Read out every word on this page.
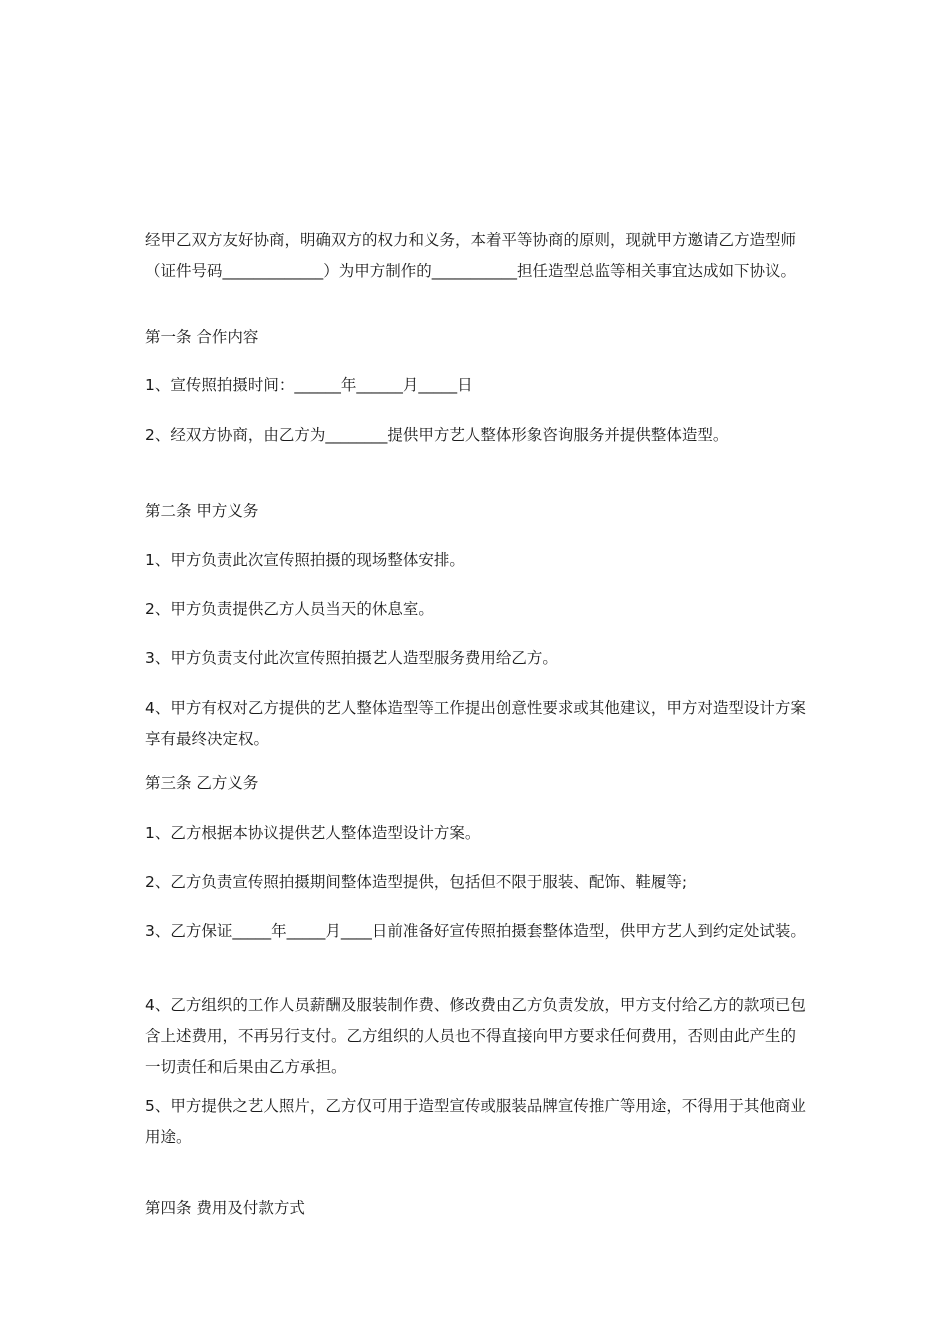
经甲乙双方友好协商，明确双方的权力和义务，本着平等协商的原则，现就甲方邀请乙方造型师（证件号码_____________）为甲方制作的___________担任造型总监等相关事宜达成如下协议。

第一条 合作内容

1、宣传照拍摄时间：______年______月_____日

2、经双方协商，由乙方为________提供甲方艺人整体形象咨询服务并提供整体造型。

第二条 甲方义务

1、甲方负责此次宣传照拍摄的现场整体安排。

2、甲方负责提供乙方人员当天的休息室。

3、甲方负责支付此次宣传照拍摄艺人造型服务费用给乙方。

4、甲方有权对乙方提供的艺人整体造型等工作提出创意性要求或其他建议，甲方对造型设计方案享有最终决定权。

第三条 乙方义务

1、乙方根据本协议提供艺人整体造型设计方案。

2、乙方负责宣传照拍摄期间整体造型提供，包括但不限于服装、配饰、鞋履等;

3、乙方保证_____年_____月____日前准备好宣传照拍摄套整体造型，供甲方艺人到约定处试装。

4、乙方组织的工作人员薪酬及服装制作费、修改费由乙方负责发放，甲方支付给乙方的款项已包含上述费用，不再另行支付。乙方组织的人员也不得直接向甲方要求任何费用，否则由此产生的一切责任和后果由乙方承担。

5、甲方提供之艺人照片，乙方仅可用于造型宣传或服装品牌宣传推广等用途，不得用于其他商业用途。

第四条 费用及付款方式
